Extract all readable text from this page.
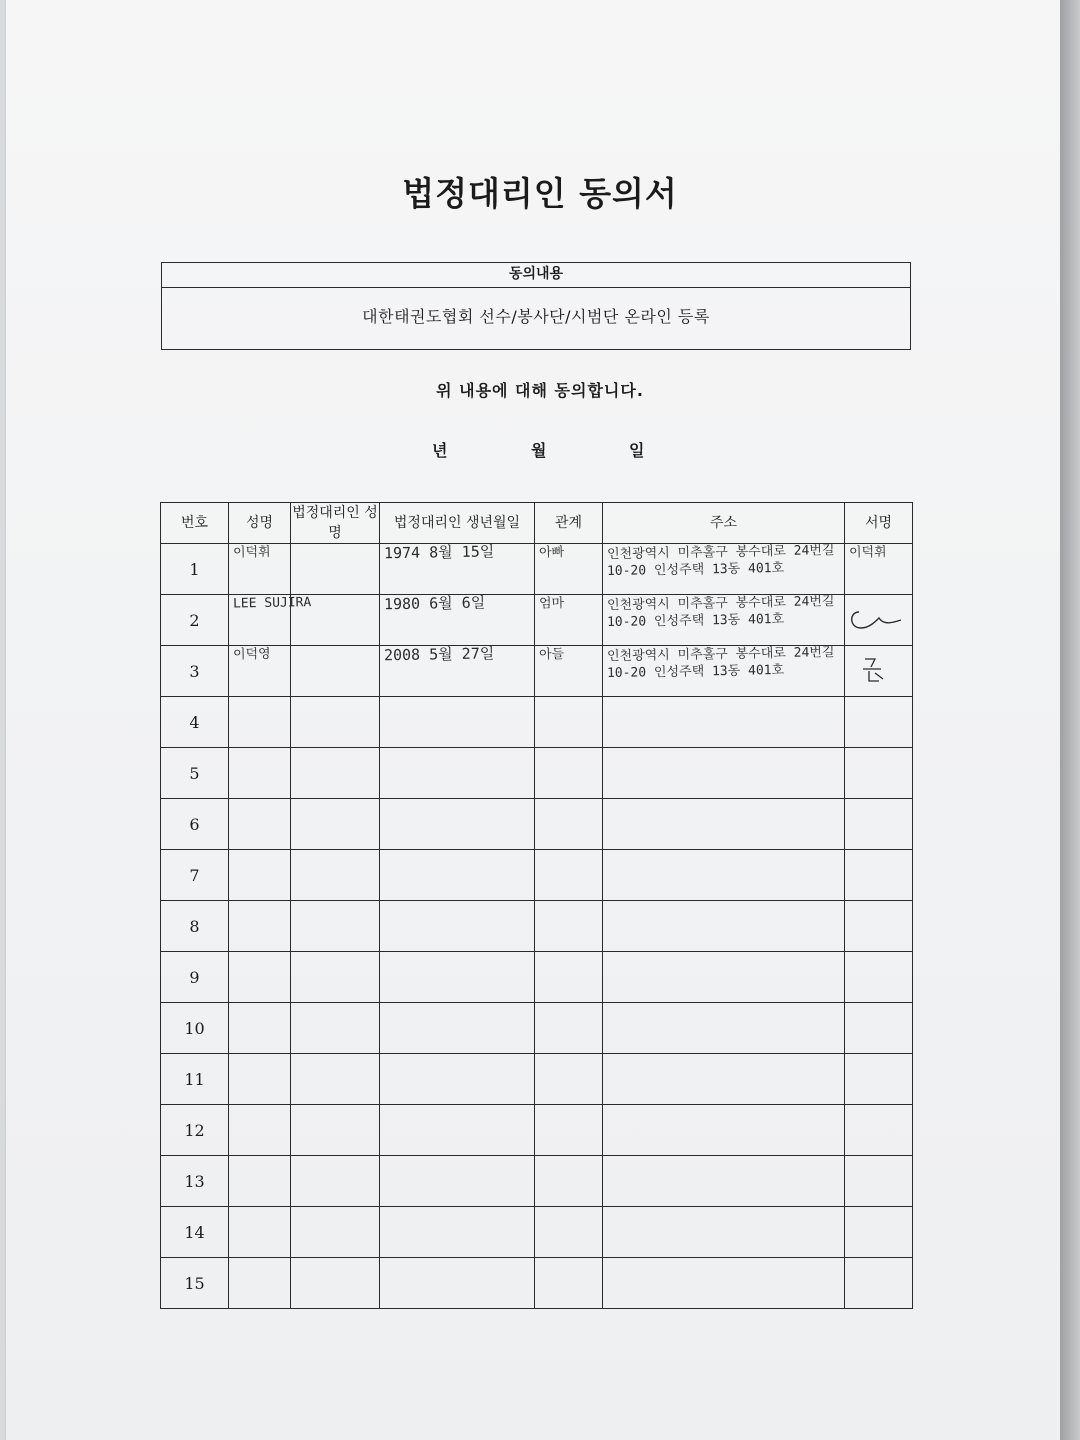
법정대리인 동의서
동의내용
대한태권도협회 선수/봉사단/시범단 온라인 등록
위 내용에 대해 동의합니다.
년	월	일
번호	성명	법정대리인 성명	법정대리인 생년월일	관계	주소	서명
1	이덕휘		1974 8월 15일	아빠	인천광역시 미추홀구 봉수대로 24번길
10-20 인성주택 13동 401호	이덕휘

2	LEE SUJIRA		1980 6월 6일	엄마	인천광역시 미추홀구 봉수대로 24번길
10-20 인성주택 13동 401호

3	이덕영		2008 5월 27일	아들	인천광역시 미추홀구 봉수대로 24번길
10-20 인성주택 13동 401호

4						
5						
6						
7						
8						
9						
10						
11						
12						
13						
14						
15						
